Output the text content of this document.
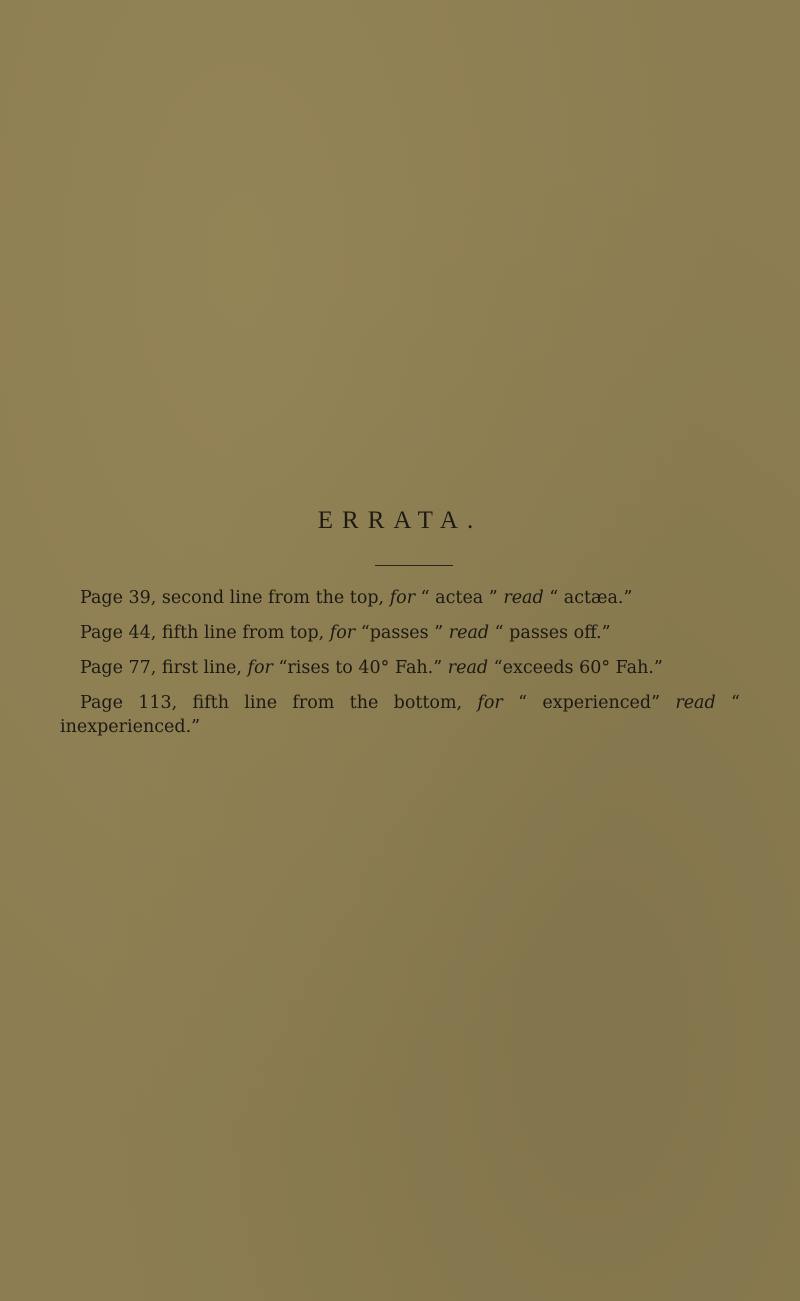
ERRATA.

Page 39, second line from the top, for “ actea ” read “ actæa.”

Page 44, fifth line from top, for “passes ” read “ passes off.”

Page 77, first line, for “rises to 40° Fah.” read “exceeds 60° Fah.”

Page 113, fifth line from the bottom, for “ experienced” read “ inexperienced.”
